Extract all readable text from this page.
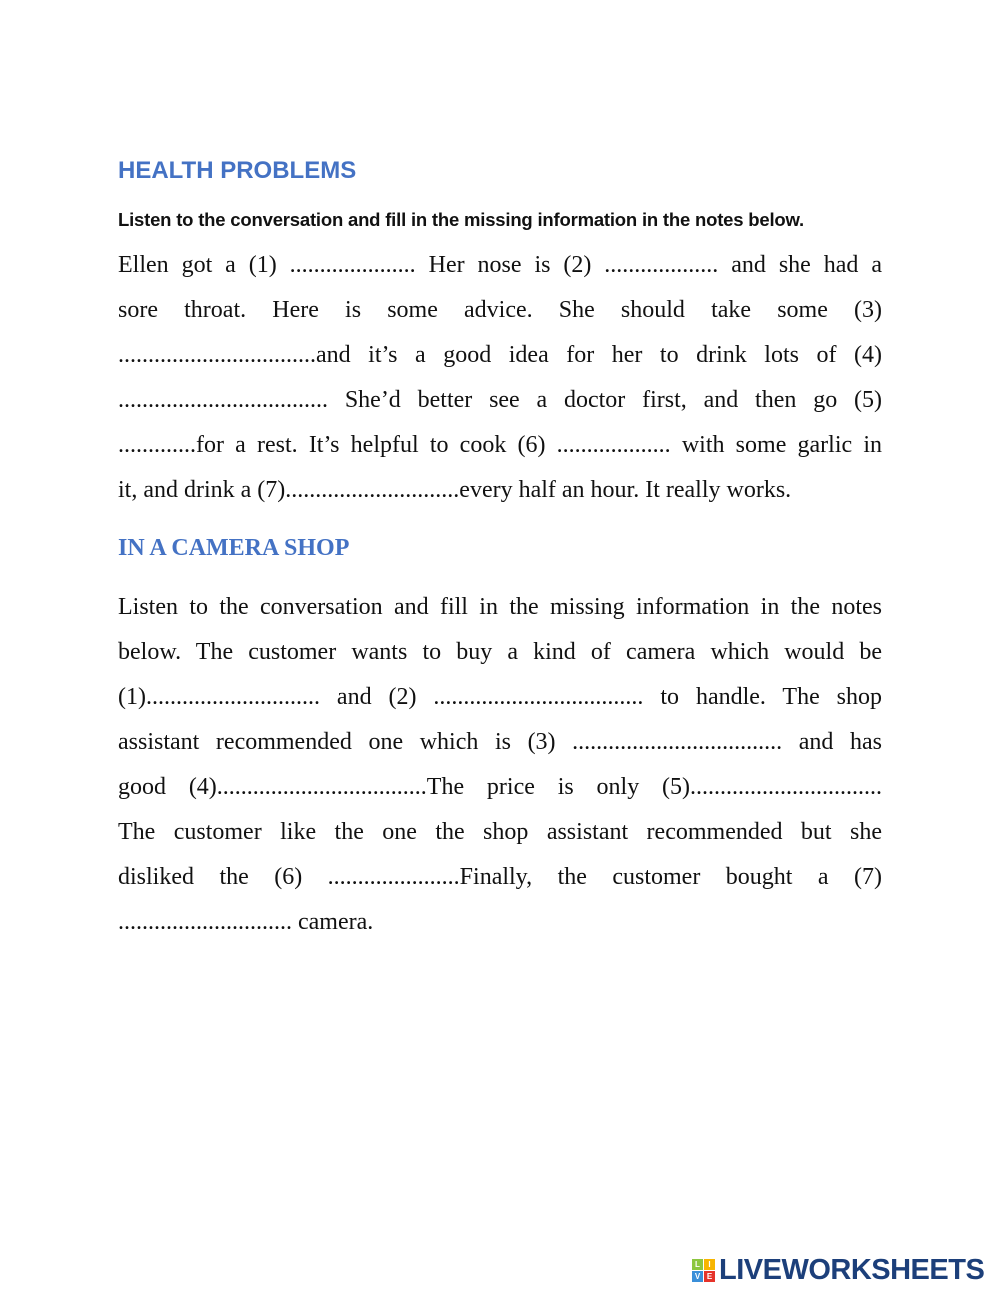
HEALTH PROBLEMS
Listen to the conversation and fill in the missing information in the notes below.
Ellen got a (1) ..................... Her nose is (2) ................... and she had a
sore throat. Here is some advice. She should take some (3)
.................................and it’s a good idea for her to drink lots of (4)
................................... She’d better see a doctor first, and then go (5)
.............for a rest. It’s helpful to cook (6) ................... with some garlic in
it, and drink a (7).............................every half an hour. It really works.
IN A CAMERA SHOP
Listen to the conversation and fill in the missing information in the notes
below. The customer wants to buy a kind of camera which would be
(1)............................. and (2) ................................... to handle. The shop
assistant recommended one which is (3) ................................... and has
good (4)...................................The price is only (5)................................
The customer like the one the shop assistant recommended but she
disliked the (6) ......................Finally, the customer bought a (7)
............................. camera.
L	I
V E LIVEWORKSHEETS
